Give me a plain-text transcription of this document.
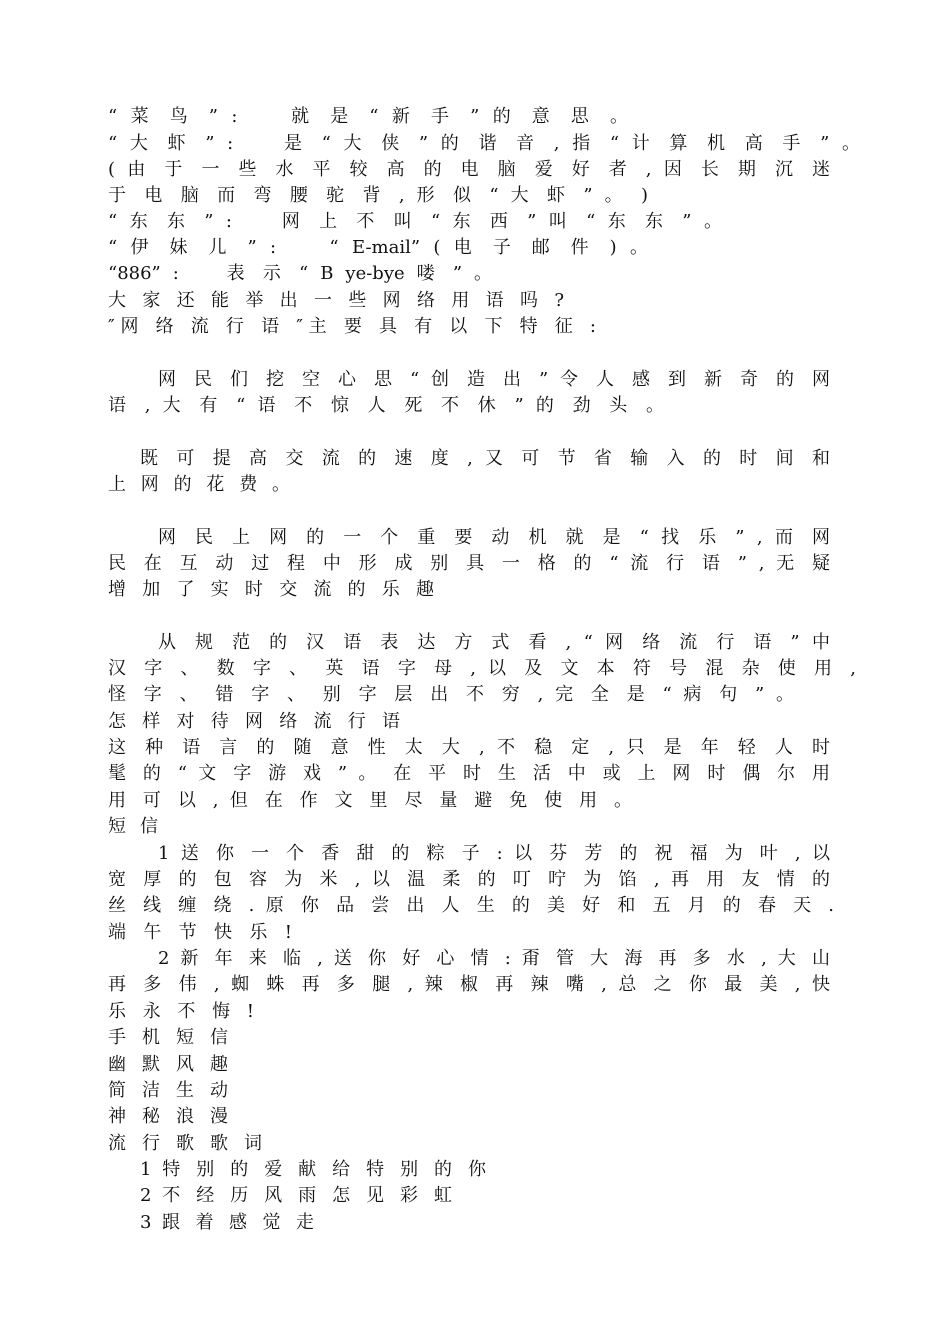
“ 菜 鸟 ” :    就 是 “ 新 手 ” 的 意 思 。
“ 大 虾 ” :    是 “ 大 侠 ” 的 谐 音 , 指 “ 计 算 机 高 手 ” 。
( 由 于 一 些 水 平 较 高 的 电 脑 爱 好 者 , 因 长 期 沉 迷
于 电 脑 而 弯 腰 驼 背 , 形 似 “ 大 虾 ” 。 )
“ 东 东 ” :    网 上 不 叫 “ 东 西 ” 叫 “ 东 东 ” 。
“ 伊 妹 儿 ” :    “ E-mail” ( 电 子 邮 件 ) 。
“886” :    表 示 “ B ye-bye 喽 ” 。
大 家 还 能 举 出 一 些 网 络 用 语 吗 ?
″网 络 流 行 语 ″主 要 具 有 以 下 特 征 :

网 民 们 挖 空 心 思 “ 创 造 出 ” 令 人 感 到 新 奇 的 网
语 , 大 有 “ 语 不 惊 人 死 不 休 ” 的 劲 头 。

既 可 提 高 交 流 的 速 度 , 又 可 节 省 输 入 的 时 间 和
上 网 的 花 费 。

网 民 上 网 的 一 个 重 要 动 机 就 是 “ 找 乐 ” , 而 网
民 在 互 动 过 程 中 形 成 别 具 一 格 的 “ 流 行 语 ” , 无 疑
增 加 了 实 时 交 流 的 乐 趣

从 规 范 的 汉 语 表 达 方 式 看 , “ 网 络 流 行 语 ” 中
汉 字 、 数 字 、 英 语 字 母 , 以 及 文 本 符 号 混 杂 使 用 ,
怪 字 、 错 字 、 别 字 层 出 不 穷 , 完 全 是 “ 病 句 ” 。
怎 样 对 待 网 络 流 行 语
这 种 语 言 的 随 意 性 太 大 , 不 稳 定 , 只 是 年 轻 人 时
髦 的 “ 文 字 游 戏 ” 。 在 平 时 生 活 中 或 上 网 时 偶 尔 用
用 可 以 , 但 在 作 文 里 尽 量 避 免 使 用 。
短 信
1 送 你 一 个 香 甜 的 粽 子 : 以 芬 芳 的 祝 福 为 叶 , 以
宽 厚 的 包 容 为 米 , 以 温 柔 的 叮 咛 为 馅 , 再 用 友 情 的
丝 线 缠 绕 . 原 你 品 尝 出 人 生 的 美 好 和 五 月 的 春 天 .
端 午 节 快 乐 !
2 新 年 来 临 , 送 你 好 心 情 : 甭 管 大 海 再 多 水 , 大 山
再 多 伟 , 蜘 蛛 再 多 腿 , 辣 椒 再 辣 嘴 , 总 之 你 最 美 , 快
乐 永 不 悔 !
手 机 短 信
幽 默 风 趣
简 洁 生 动
神 秘 浪 漫
流 行 歌 歌 词
1 特 别 的 爱 献 给 特 别 的 你
2 不 经 历 风 雨 怎 见 彩 虹
3 跟 着 感 觉 走
